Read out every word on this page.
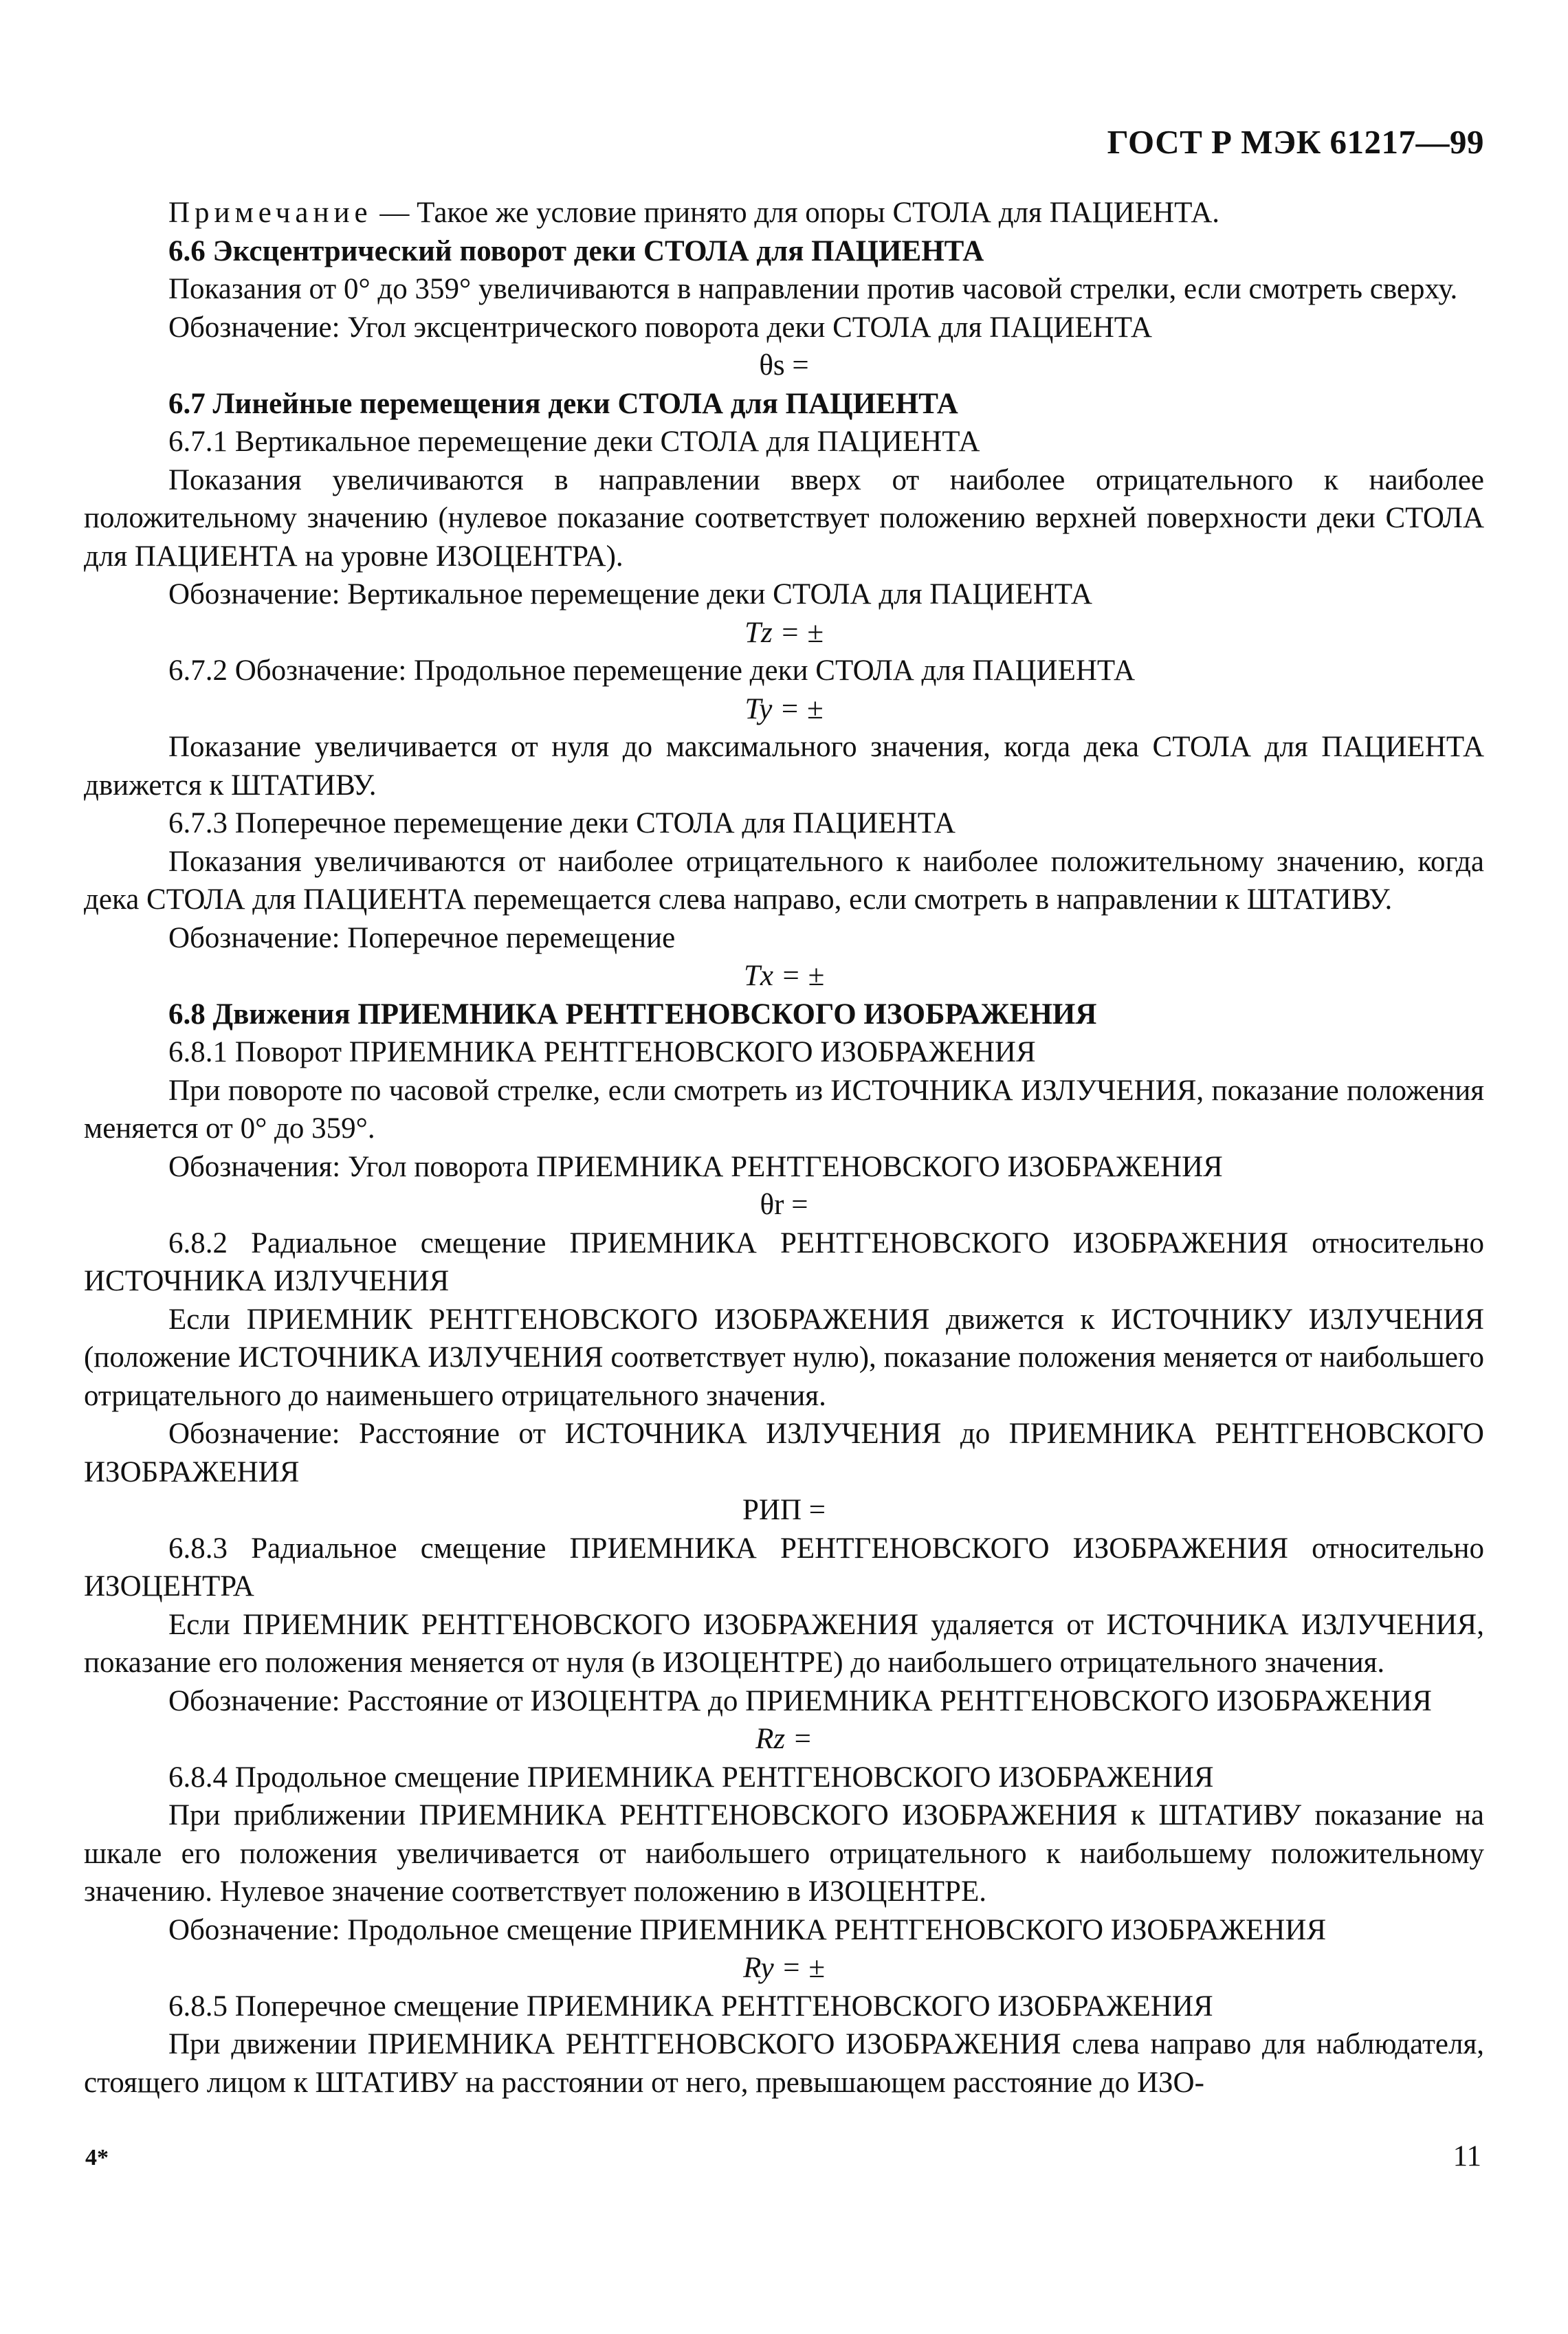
ГОСТ Р МЭК 61217—99

Примечание — Такое же условие принято для опоры СТОЛА для ПАЦИЕНТА.

6.6 Эксцентрический поворот деки СТОЛА для ПАЦИЕНТА

Показания от 0° до 359° увеличиваются в направлении против часовой стрелки, если смотреть сверху.

Обозначение: Угол эксцентрического поворота деки СТОЛА для ПАЦИЕНТА

θs =

6.7 Линейные перемещения деки СТОЛА для ПАЦИЕНТА

6.7.1 Вертикальное перемещение деки СТОЛА для ПАЦИЕНТА

Показания увеличиваются в направлении вверх от наиболее отрицательного к наиболее положительному значению (нулевое показание соответствует положению верхней поверхности деки СТОЛА для ПАЦИЕНТА на уровне ИЗОЦЕНТРА).

Обозначение: Вертикальное перемещение деки СТОЛА для ПАЦИЕНТА

Tz = ±

6.7.2 Обозначение: Продольное перемещение деки СТОЛА для ПАЦИЕНТА

Ty = ±

Показание увеличивается от нуля до максимального значения, когда дека СТОЛА для ПАЦИЕНТА движется к ШТАТИВУ.

6.7.3 Поперечное перемещение деки СТОЛА для ПАЦИЕНТА

Показания увеличиваются от наиболее отрицательного к наиболее положительному значению, когда дека СТОЛА для ПАЦИЕНТА перемещается слева направо, если смотреть в направлении к ШТАТИВУ.

Обозначение: Поперечное перемещение

Tx = ±

6.8 Движения ПРИЕМНИКА РЕНТГЕНОВСКОГО ИЗОБРАЖЕНИЯ

6.8.1 Поворот ПРИЕМНИКА РЕНТГЕНОВСКОГО ИЗОБРАЖЕНИЯ

При повороте по часовой стрелке, если смотреть из ИСТОЧНИКА ИЗЛУЧЕНИЯ, показание положения меняется от 0° до 359°.

Обозначения: Угол поворота ПРИЕМНИКА РЕНТГЕНОВСКОГО ИЗОБРАЖЕНИЯ

θr =

6.8.2 Радиальное смещение ПРИЕМНИКА РЕНТГЕНОВСКОГО ИЗОБРАЖЕНИЯ относительно ИСТОЧНИКА ИЗЛУЧЕНИЯ

Если ПРИЕМНИК РЕНТГЕНОВСКОГО ИЗОБРАЖЕНИЯ движется к ИСТОЧНИКУ ИЗЛУЧЕНИЯ (положение ИСТОЧНИКА ИЗЛУЧЕНИЯ соответствует нулю), показание положения меняется от наибольшего отрицательного до наименьшего отрицательного значения.

Обозначение: Расстояние от ИСТОЧНИКА ИЗЛУЧЕНИЯ до ПРИЕМНИКА РЕНТГЕНОВСКОГО ИЗОБРАЖЕНИЯ

РИП =

6.8.3 Радиальное смещение ПРИЕМНИКА РЕНТГЕНОВСКОГО ИЗОБРАЖЕНИЯ относительно ИЗОЦЕНТРА

Если ПРИЕМНИК РЕНТГЕНОВСКОГО ИЗОБРАЖЕНИЯ удаляется от ИСТОЧНИКА ИЗЛУЧЕНИЯ, показание его положения меняется от нуля (в ИЗОЦЕНТРЕ) до наибольшего отрицательного значения.

Обозначение: Расстояние от ИЗОЦЕНТРА до ПРИЕМНИКА РЕНТГЕНОВСКОГО ИЗОБРАЖЕНИЯ

Rz =

6.8.4 Продольное смещение ПРИЕМНИКА РЕНТГЕНОВСКОГО ИЗОБРАЖЕНИЯ

При приближении ПРИЕМНИКА РЕНТГЕНОВСКОГО ИЗОБРАЖЕНИЯ к ШТАТИВУ показание на шкале его положения увеличивается от наибольшего отрицательного к наибольшему положительному значению. Нулевое значение соответствует положению в ИЗОЦЕНТРЕ.

Обозначение: Продольное смещение ПРИЕМНИКА РЕНТГЕНОВСКОГО ИЗОБРАЖЕНИЯ

Ry = ±

6.8.5 Поперечное смещение ПРИЕМНИКА РЕНТГЕНОВСКОГО ИЗОБРАЖЕНИЯ

При движении ПРИЕМНИКА РЕНТГЕНОВСКОГО ИЗОБРАЖЕНИЯ слева направо для наблюдателя, стоящего лицом к ШТАТИВУ на расстоянии от него, превышающем расстояние до ИЗО-

4*	11
